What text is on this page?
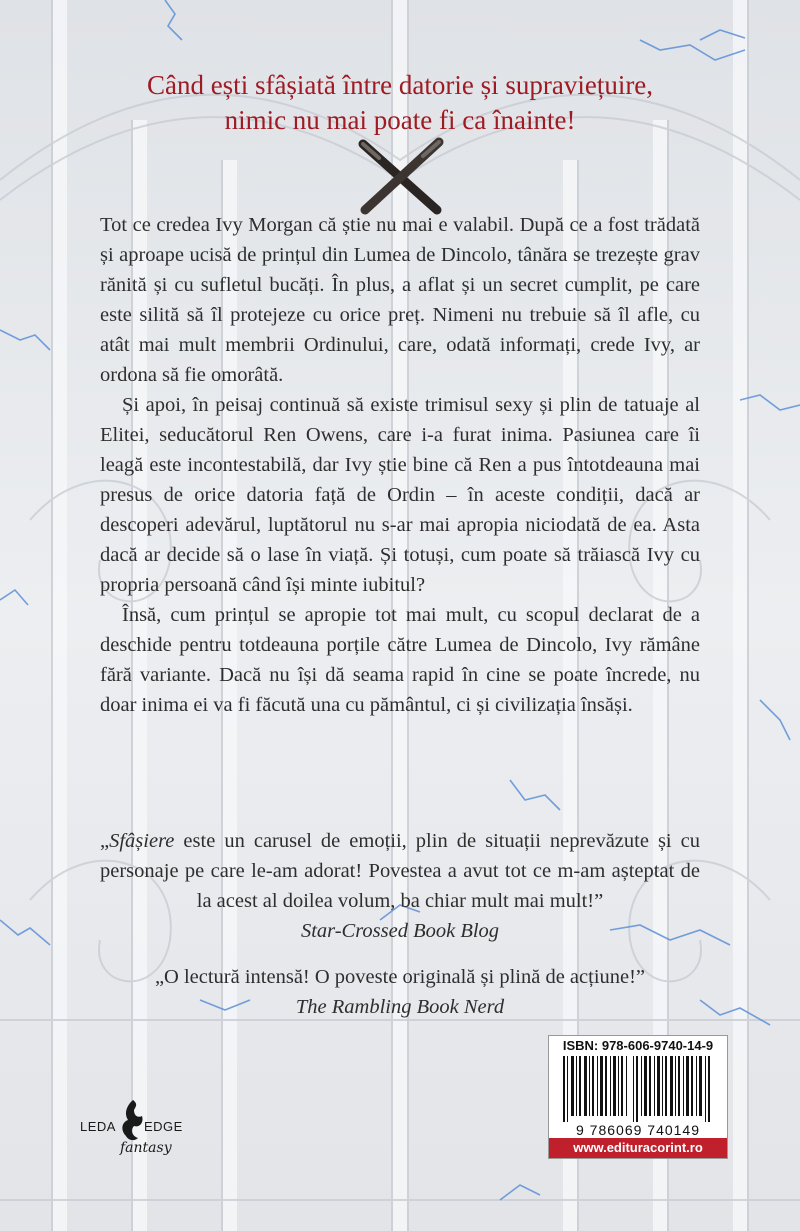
Când ești sfâșiată între datorie și supraviețuire,
nimic nu mai poate fi ca înainte!

Tot ce credea Ivy Morgan că știe nu mai e valabil. După ce a fost trădată și aproape ucisă de prințul din Lumea de Dincolo, tânăra se trezește grav rănită și cu sufletul bucăți. În plus, a aflat și un secret cumplit, pe care este silită să îl protejeze cu orice preț. Nimeni nu trebuie să îl afle, cu atât mai mult membrii Ordinului, care, odată informați, crede Ivy, ar ordona să fie omorâtă.

Și apoi, în peisaj continuă să existe trimisul sexy și plin de tatuaje al Elitei, seducătorul Ren Owens, care i-a furat inima. Pasiunea care îi leagă este incontestabilă, dar Ivy știe bine că Ren a pus întotdeauna mai presus de orice datoria față de Ordin – în aceste condiții, dacă ar descoperi adevărul, luptătorul nu s-ar mai apropia niciodată de ea. Asta dacă ar decide să o lase în viață. Și totuși, cum poate să trăiască Ivy cu propria persoană când își minte iubitul?

Însă, cum prințul se apropie tot mai mult, cu scopul declarat de a deschide pentru totdeauna porțile către Lumea de Dincolo, Ivy rămâne fără variante. Dacă nu își dă seama rapid în cine se poate încrede, nu doar inima ei va fi făcută una cu pământul, ci și civilizația însăși.

„Sfâșiere este un carusel de emoții, plin de situații neprevăzute și cu personaje pe care le-am adorat! Povestea a avut tot ce m-am așteptat de la acest al doilea volum, ba chiar mult mai mult!”
Star-Crossed Book Blog
„O lectură intensă! O poveste originală și plină de acțiune!”
The Rambling Book Nerd
LEDA EDGE
fantasy
ISBN: 978-606-9740-14-9
9 786069 740149
www.edituracorint.ro
